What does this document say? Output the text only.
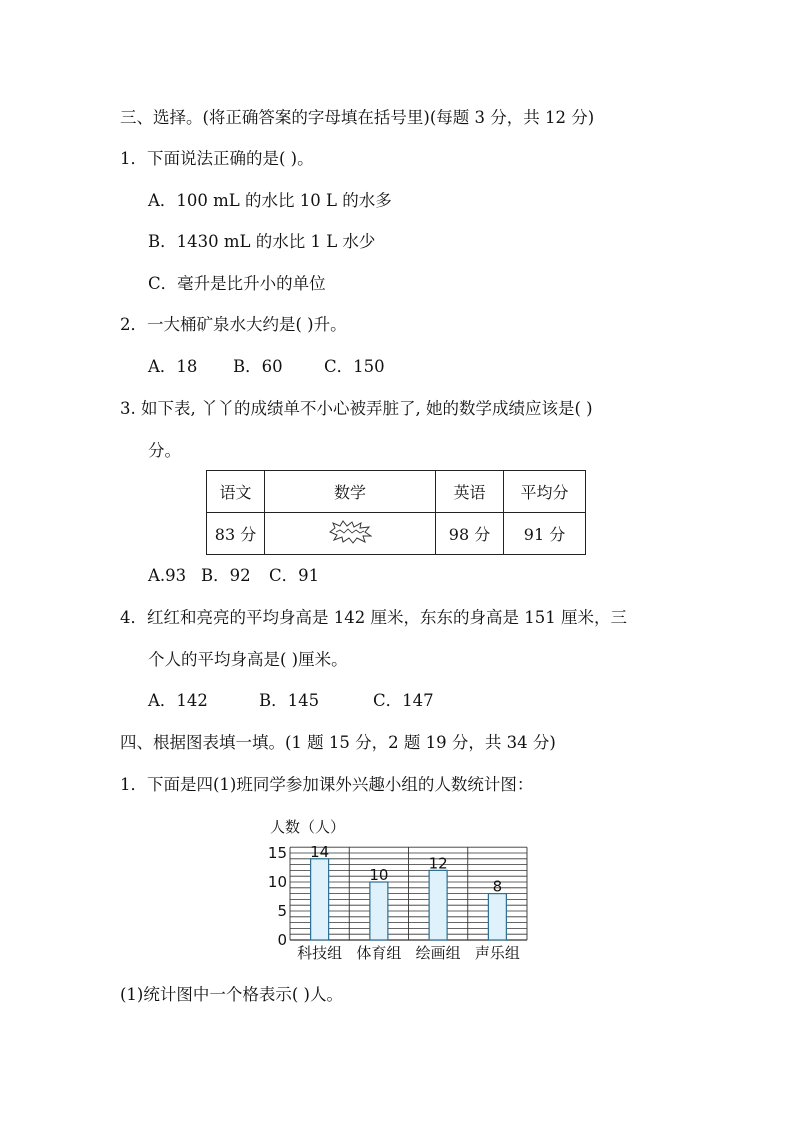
三、选择。(将正确答案的字母填在括号里)(每题 3 分，共 12 分)
1．下面说法正确的是( )。
A．100 mL 的水比 10 L 的水多
B．1430 mL 的水比 1 L 水少
C．毫升是比升小的单位
2．一大桶矿泉水大约是( )升。
A．18 B．60	C．150
3. 如下表, 丫丫的成绩单不小心被弄脏了, 她的数学成绩应该是( )
分。
语文	数学	英语	平均分
83 分		98 分	91 分
A.93 B．92 C．91
4．红红和亮亮的平均身高是 142 厘米，东东的身高是 151 厘米，三
个人的平均身高是( )厘米。
A．142	B．145	C．147
四、根据图表填一填。(1 题 15 分，2 题 19 分，共 34 分)
1．下面是四(1)班同学参加课外兴趣小组的人数统计图：
人数（人）
14
10
12
8
0
5
10
15
科技组 体育组 绘画组 声乐组
(1)统计图中一个格表示( )人。
